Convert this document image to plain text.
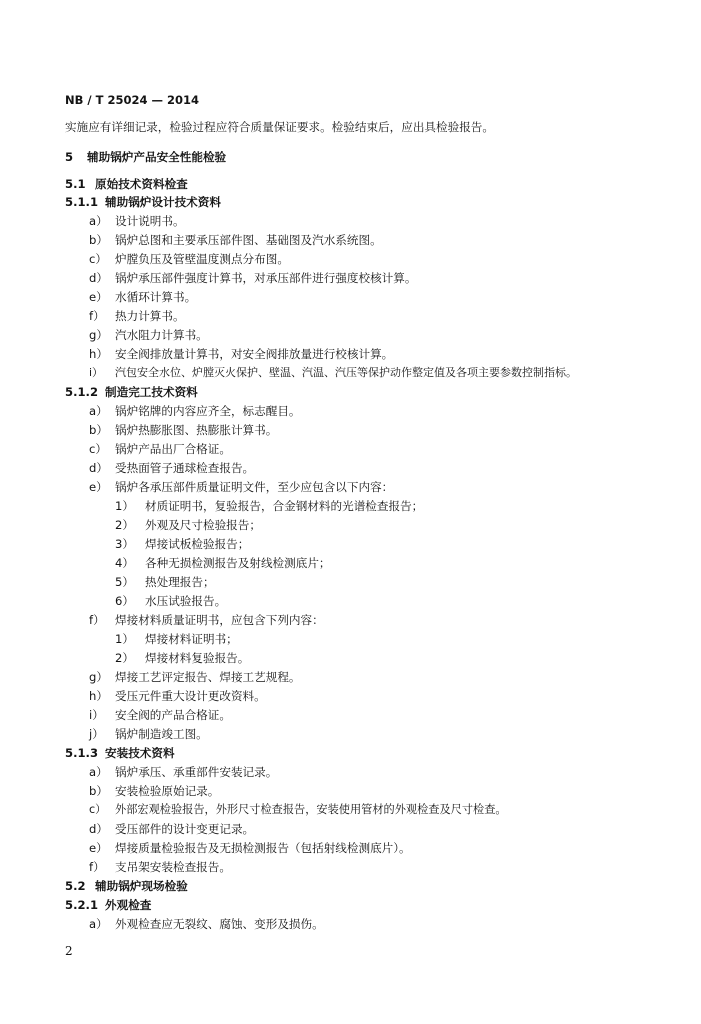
NB / T 25024 — 2014
实施应有详细记录，检验过程应符合质量保证要求。检验结束后，应出具检验报告。
5 辅助锅炉产品安全性能检验
5.1 原始技术资料检查
5.1.1 辅助锅炉设计技术资料
a） 设计说明书。
b） 锅炉总图和主要承压部件图、基础图及汽水系统图。
c） 炉膛负压及管壁温度测点分布图。
d） 锅炉承压部件强度计算书，对承压部件进行强度校核计算。
e） 水循环计算书。
f） 热力计算书。
g） 汽水阻力计算书。
h） 安全阀排放量计算书，对安全阀排放量进行校核计算。
i） 汽包安全水位、炉膛灭火保护、壁温、汽温、汽压等保护动作整定值及各项主要参数控制指标。
5.1.2 制造完工技术资料
a） 锅炉铭牌的内容应齐全，标志醒目。
b） 锅炉热膨胀图、热膨胀计算书。
c） 锅炉产品出厂合格证。
d） 受热面管子通球检查报告。
e） 锅炉各承压部件质量证明文件，至少应包含以下内容：
1） 材质证明书，复验报告，合金钢材料的光谱检查报告；
2） 外观及尺寸检验报告；
3） 焊接试板检验报告；
4） 各种无损检测报告及射线检测底片；
5） 热处理报告；
6） 水压试验报告。
f） 焊接材料质量证明书，应包含下列内容：
1） 焊接材料证明书；
2） 焊接材料复验报告。
g） 焊接工艺评定报告、焊接工艺规程。
h） 受压元件重大设计更改资料。
i） 安全阀的产品合格证。
j） 锅炉制造竣工图。
5.1.3 安装技术资料
a） 锅炉承压、承重部件安装记录。
b） 安装检验原始记录。
c） 外部宏观检验报告，外形尺寸检查报告，安装使用管材的外观检查及尺寸检查。
d） 受压部件的设计变更记录。
e） 焊接质量检验报告及无损检测报告（包括射线检测底片）。
f） 支吊架安装检查报告。
5.2 辅助锅炉现场检验
5.2.1 外观检查
a） 外观检查应无裂纹、腐蚀、变形及损伤。
2
